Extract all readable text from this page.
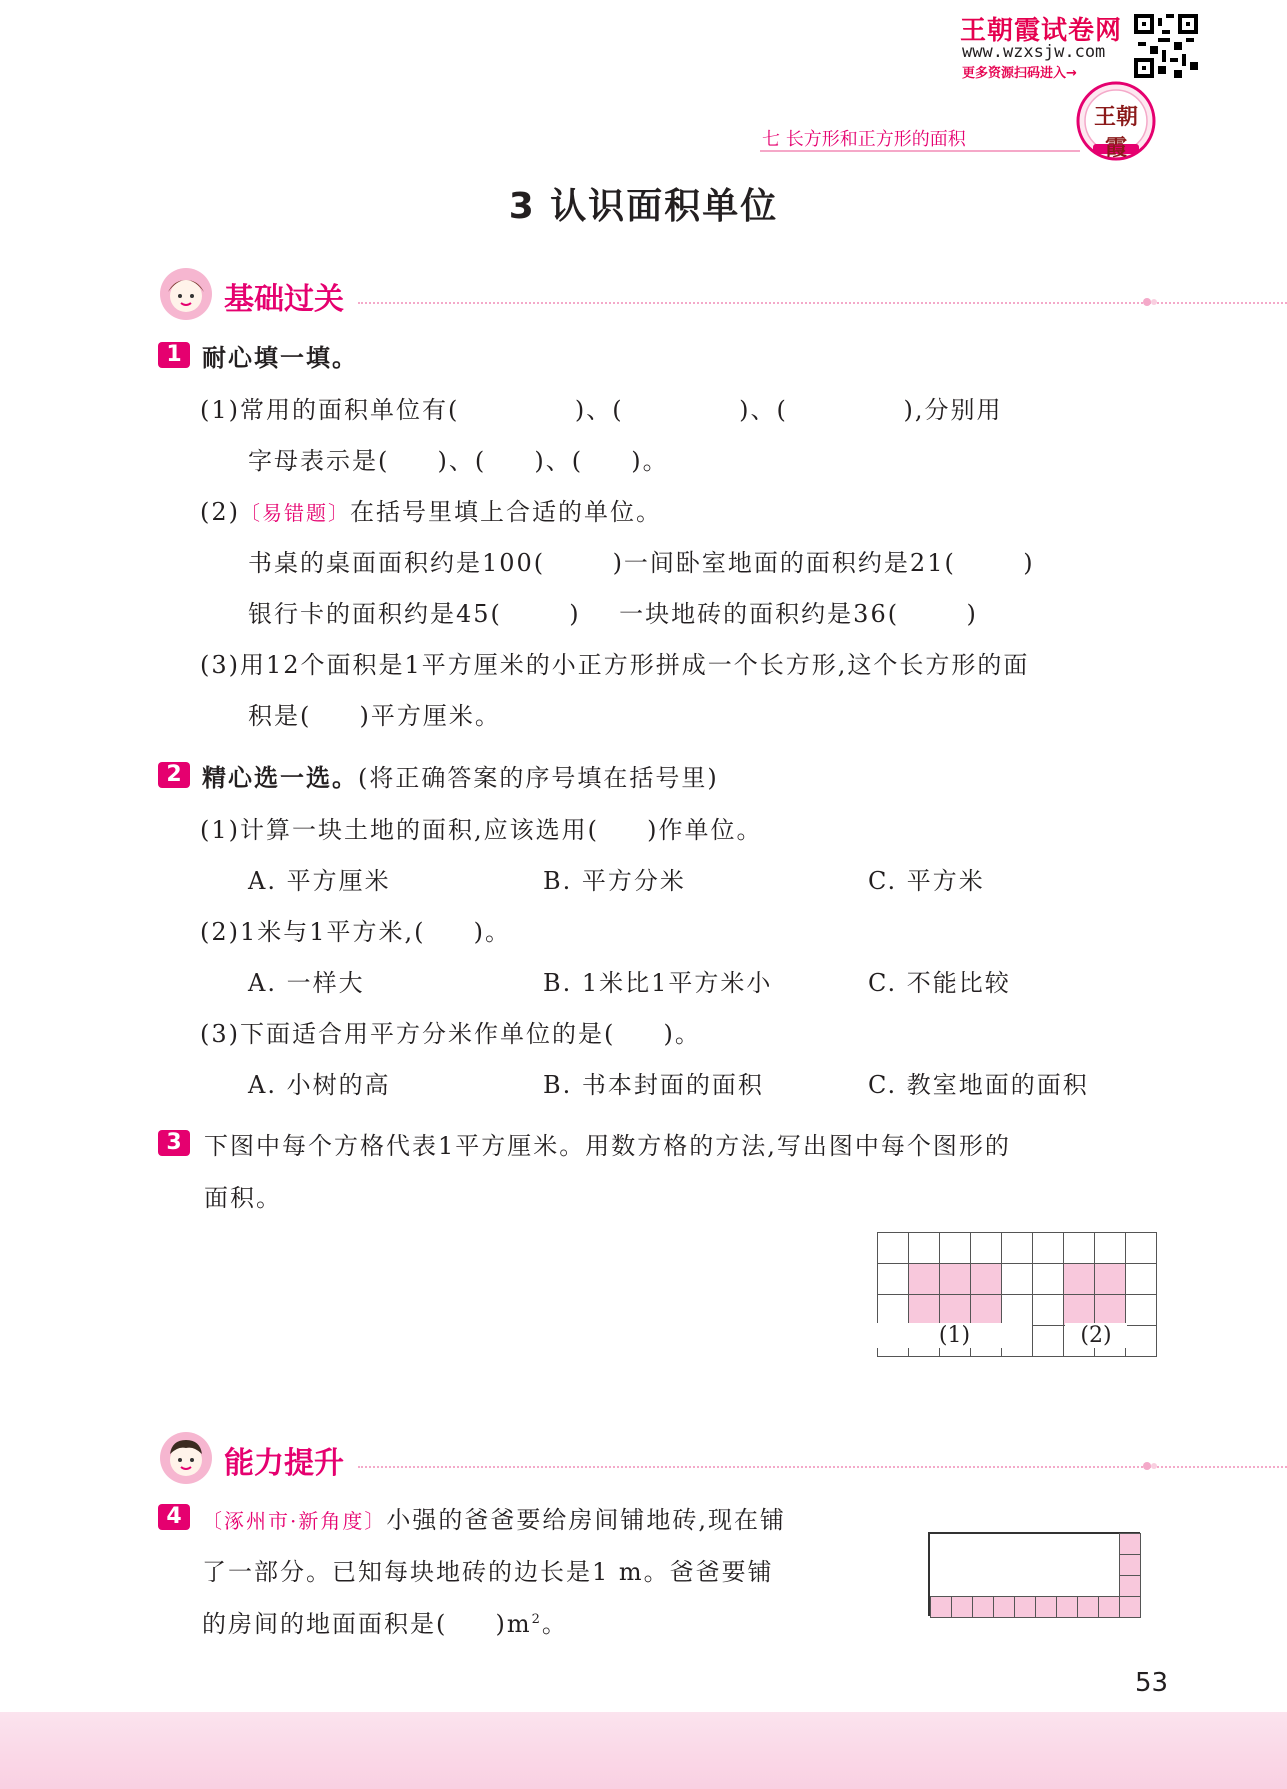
王朝霞试卷网
www.wzxsjw.com
更多资源扫码进入→
王朝霞
七 长方形和正方形的面积
3 认识面积单位
基础过关
1 耐心填一填。
(1)常用的面积单位有(            )、(            )、(            ),分别用
字母表示是(     )、(     )、(     )。
(2)〔易错题〕在括号里填上合适的单位。
书桌的桌面面积约是100(       )一间卧室地面的面积约是21(       )
银行卡的面积约是45(       )    一块地砖的面积约是36(       )
(3)用12个面积是1平方厘米的小正方形拼成一个长方形,这个长方形的面
积是(     )平方厘米。
2 精心选一选。(将正确答案的序号填在括号里)
(1)计算一块土地的面积,应该选用(     )作单位。
A. 平方厘米	B. 平方分米	C. 平方米
(2)1米与1平方米,(     )。
A. 一样大	B. 1米比1平方米小	C. 不能比较
(3)下面适合用平方分米作单位的是(     )。
A. 小树的高	B. 书本封面的面积	C. 教室地面的面积
3 下图中每个方格代表1平方厘米。用数方格的方法,写出图中每个图形的
面积。
(1)	(2)
能力提升
4	〔涿州市·新角度〕小强的爸爸要给房间铺地砖,现在铺
了一部分。已知每块地砖的边长是1 m。爸爸要铺
的房间的地面面积是(     )$m^2$。
53
